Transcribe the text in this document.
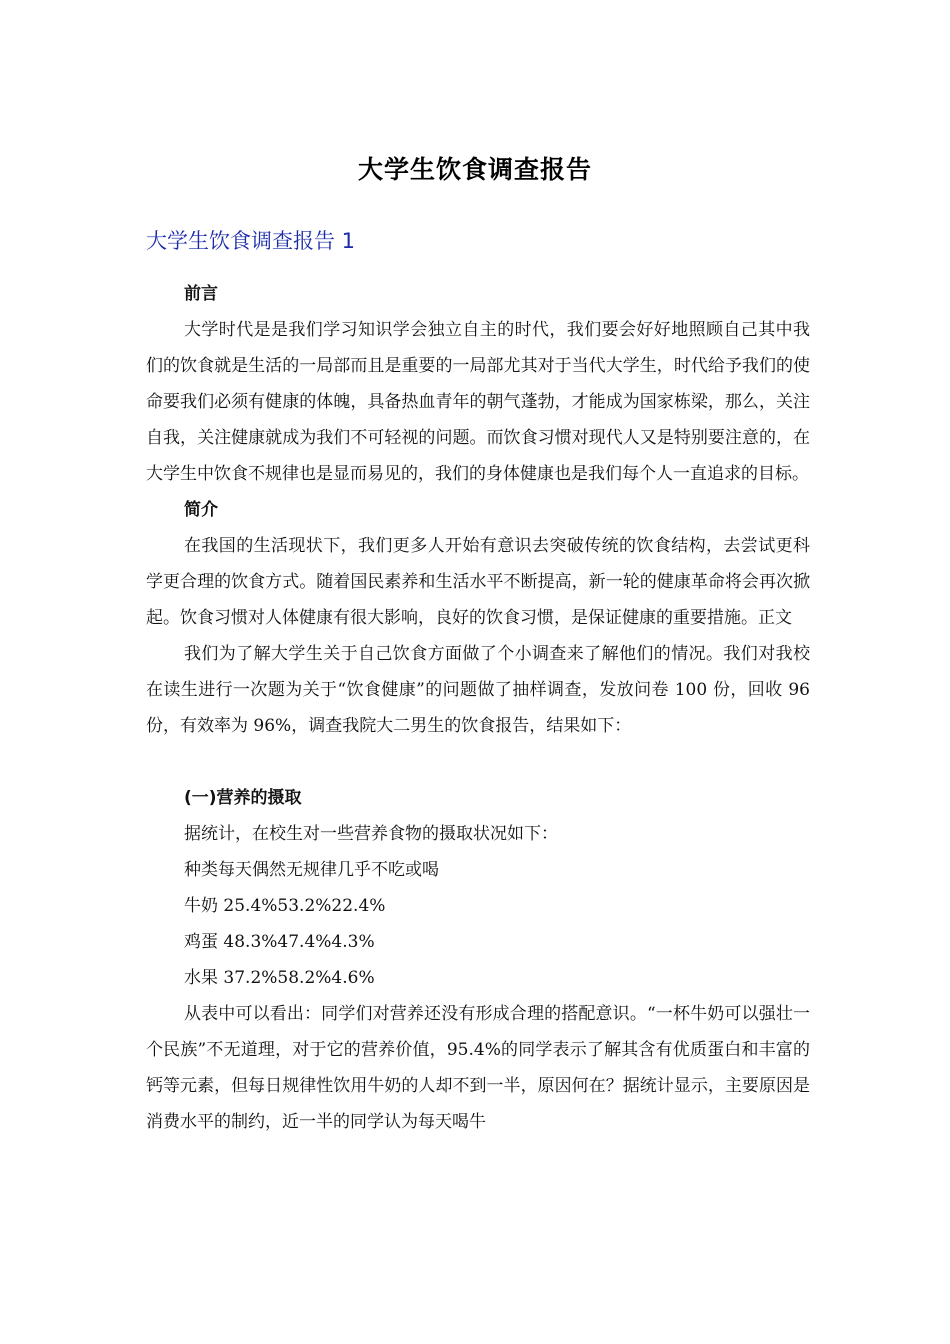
大学生饮食调查报告
大学生饮食调查报告 1

前言

大学时代是是我们学习知识学会独立自主的时代，我们要会好好地照顾自己其中我们的饮食就是生活的一局部而且是重要的一局部尤其对于当代大学生，时代给予我们的使命要我们必须有健康的体魄，具备热血青年的朝气蓬勃，才能成为国家栋梁，那么，关注自我，关注健康就成为我们不可轻视的问题。而饮食习惯对现代人又是特别要注意的，在大学生中饮食不规律也是显而易见的，我们的身体健康也是我们每个人一直追求的目标。

简介

在我国的生活现状下，我们更多人开始有意识去突破传统的饮食结构，去尝试更科学更合理的饮食方式。随着国民素养和生活水平不断提高，新一轮的健康革命将会再次掀起。饮食习惯对人体健康有很大影响，良好的饮食习惯，是保证健康的重要措施。正文

我们为了解大学生关于自己饮食方面做了个小调查来了解他们的情况。我们对我校在读生进行一次题为关于“饮食健康”的问题做了抽样调查，发放问卷 100 份，回收 96 份，有效率为 96%，调查我院大二男生的饮食报告，结果如下：

(一)营养的摄取

据统计，在校生对一些营养食物的摄取状况如下：

种类每天偶然无规律几乎不吃或喝

牛奶 25.4%53.2%22.4%

鸡蛋 48.3%47.4%4.3%

水果 37.2%58.2%4.6%

从表中可以看出：同学们对营养还没有形成合理的搭配意识。“一杯牛奶可以强壮一个民族”不无道理，对于它的营养价值，95.4%的同学表示了解其含有优质蛋白和丰富的钙等元素，但每日规律性饮用牛奶的人却不到一半，原因何在？据统计显示，主要原因是消费水平的制约，近一半的同学认为每天喝牛
